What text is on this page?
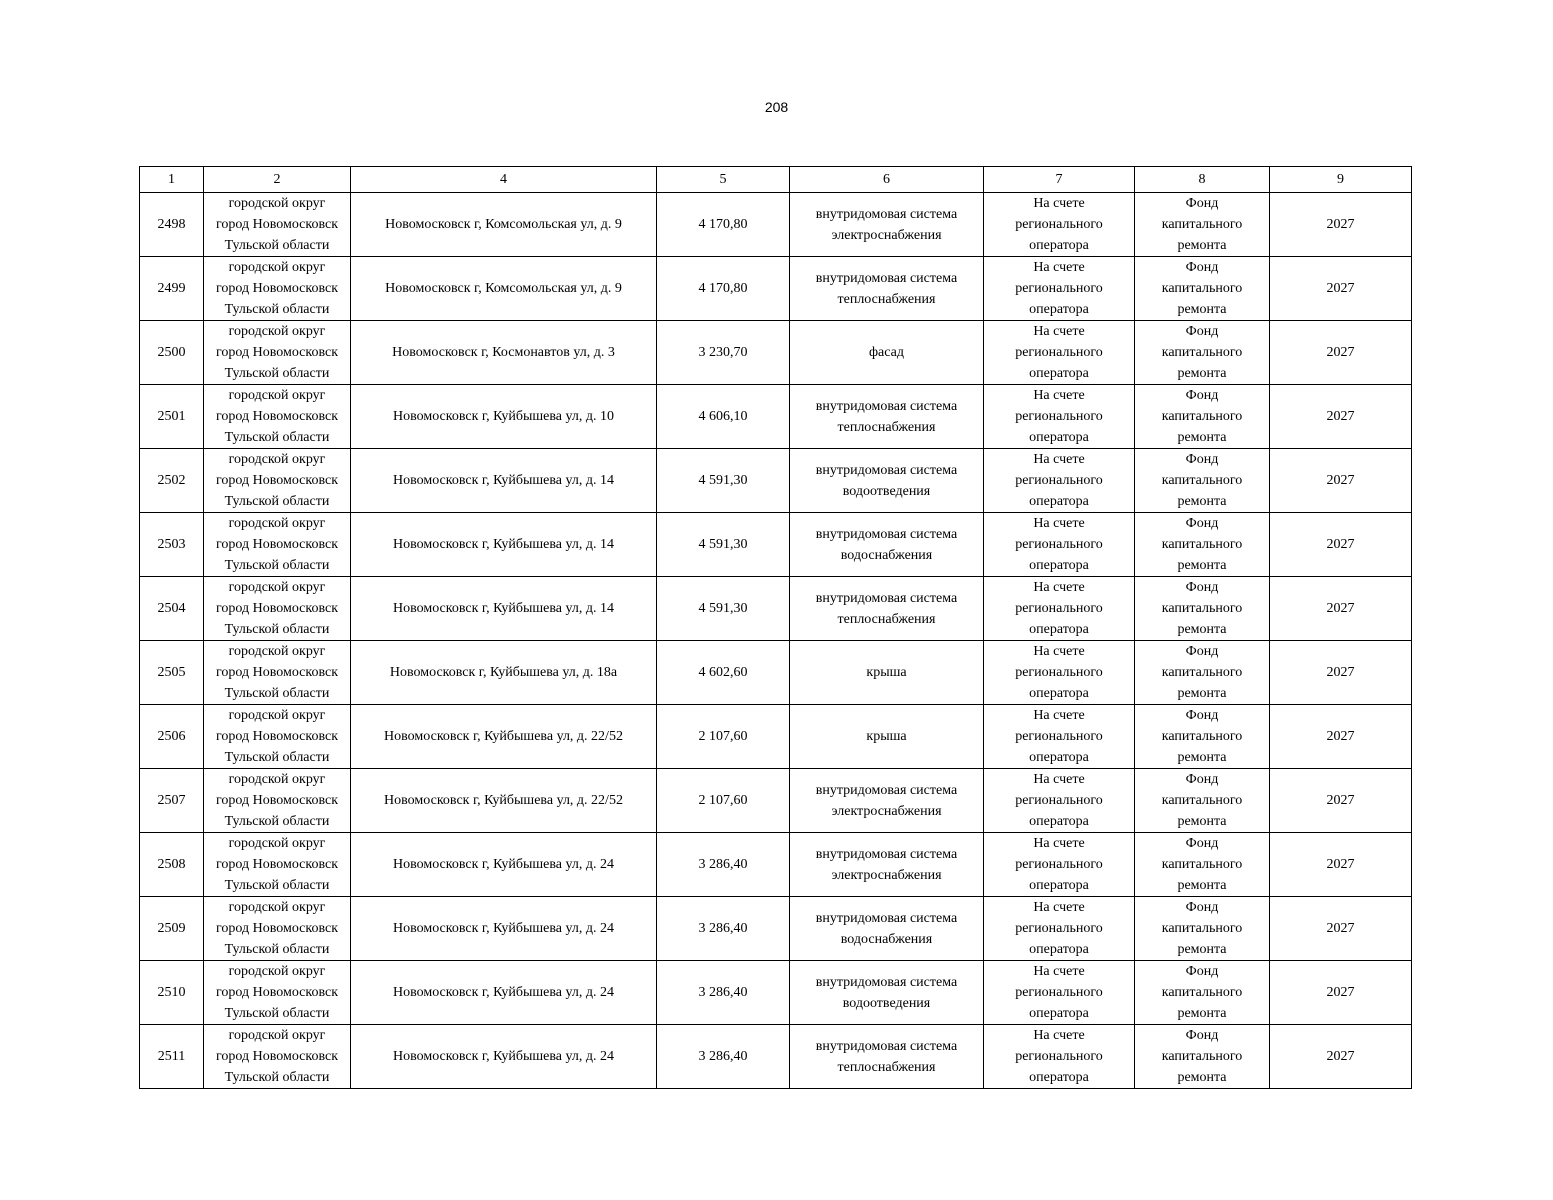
208
1	2	4	5	6	7	8	9
2498	городской округ
город Новомосковск
Тульской области	Новомосковск г, Комсомольская ул, д. 9	4 170,80	внутридомовая система
электроснабжения	На счете
регионального
оператора	Фонд
капитального
ремонта	2027
2499	городской округ
город Новомосковск
Тульской области	Новомосковск г, Комсомольская ул, д. 9	4 170,80	внутридомовая система
теплоснабжения	На счете
регионального
оператора	Фонд
капитального
ремонта	2027
2500	городской округ
город Новомосковск
Тульской области	Новомосковск г, Космонавтов ул, д. 3	3 230,70	фасад	На счете
регионального
оператора	Фонд
капитального
ремонта	2027
2501	городской округ
город Новомосковск
Тульской области	Новомосковск г, Куйбышева ул, д. 10	4 606,10	внутридомовая система
теплоснабжения	На счете
регионального
оператора	Фонд
капитального
ремонта	2027
2502	городской округ
город Новомосковск
Тульской области	Новомосковск г, Куйбышева ул, д. 14	4 591,30	внутридомовая система
водоотведения	На счете
регионального
оператора	Фонд
капитального
ремонта	2027
2503	городской округ
город Новомосковск
Тульской области	Новомосковск г, Куйбышева ул, д. 14	4 591,30	внутридомовая система
водоснабжения	На счете
регионального
оператора	Фонд
капитального
ремонта	2027
2504	городской округ
город Новомосковск
Тульской области	Новомосковск г, Куйбышева ул, д. 14	4 591,30	внутридомовая система
теплоснабжения	На счете
регионального
оператора	Фонд
капитального
ремонта	2027
2505	городской округ
город Новомосковск
Тульской области	Новомосковск г, Куйбышева ул, д. 18а	4 602,60	крыша	На счете
регионального
оператора	Фонд
капитального
ремонта	2027
2506	городской округ
город Новомосковск
Тульской области	Новомосковск г, Куйбышева ул, д. 22/52	2 107,60	крыша	На счете
регионального
оператора	Фонд
капитального
ремонта	2027
2507	городской округ
город Новомосковск
Тульской области	Новомосковск г, Куйбышева ул, д. 22/52	2 107,60	внутридомовая система
электроснабжения	На счете
регионального
оператора	Фонд
капитального
ремонта	2027
2508	городской округ
город Новомосковск
Тульской области	Новомосковск г, Куйбышева ул, д. 24	3 286,40	внутридомовая система
электроснабжения	На счете
регионального
оператора	Фонд
капитального
ремонта	2027
2509	городской округ
город Новомосковск
Тульской области	Новомосковск г, Куйбышева ул, д. 24	3 286,40	внутридомовая система
водоснабжения	На счете
регионального
оператора	Фонд
капитального
ремонта	2027
2510	городской округ
город Новомосковск
Тульской области	Новомосковск г, Куйбышева ул, д. 24	3 286,40	внутридомовая система
водоотведения	На счете
регионального
оператора	Фонд
капитального
ремонта	2027
2511	городской округ
город Новомосковск
Тульской области	Новомосковск г, Куйбышева ул, д. 24	3 286,40	внутридомовая система
теплоснабжения	На счете
регионального
оператора	Фонд
капитального
ремонта	2027
